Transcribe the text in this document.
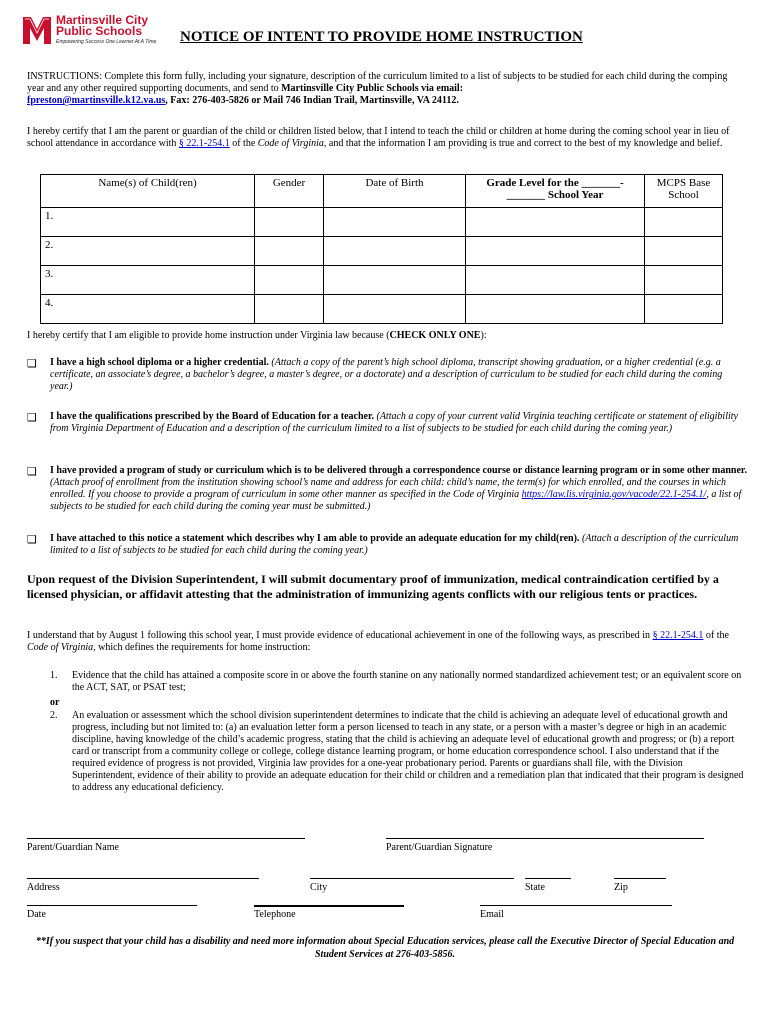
Martinsville City
Public Schools
Empowering Success One Learner At A Time NOTICE OF INTENT TO PROVIDE HOME INSTRUCTION
INSTRUCTIONS: Complete this form fully, including your signature, description of the curriculum limited to a list of subjects to be studied for each child during the comping year and any other required supporting documents, and send to Martinsville City Public Schools via email:
fpreston@martinsville.k12.va.us, Fax: 276-403-5826 or Mail 746 Indian Trail, Martinsville, VA 24112.
I hereby certify that I am the parent or guardian of the child or children listed below, that I intend to teach the child or children at home during the coming school year in lieu of school attendance in accordance with § 22.1-254.1 of the Code of Virginia, and that the information I am providing is true and correct to the best of my knowledge and belief.
Name(s) of Child(ren)	Gender	Date of Birth	Grade Level for the _______-_______ School Year	MCPS Base School
1.				
2.				
3.				
4.				
I hereby certify that I am eligible to provide home instruction under Virginia law because (CHECK ONLY ONE):
❑ I have a high school diploma or a higher credential. (Attach a copy of the parent’s high school diploma, transcript showing graduation, or a higher credential (e.g. a certificate, an associate’s degree, a bachelor’s degree, a master’s degree, or a doctorate) and a description of curriculum to be studied for each child during the coming year.)
❑ I have the qualifications prescribed by the Board of Education for a teacher. (Attach a copy of your current valid Virginia teaching certificate or statement of eligibility from Virginia Department of Education and a description of the curriculum limited to a list of subjects to be studied for each child during the coming year.)
❑ I have provided a program of study or curriculum which is to be delivered through a correspondence course or distance learning program or in some other manner. (Attach proof of enrollment from the institution showing school’s name and address for each child: child’s name, the term(s) for which enrolled, and the courses in which enrolled. If you choose to provide a program of curriculum in some other manner as specified in the Code of Virginia https://law.lis.virginia.gov/vacode/22.1-254.1/, a list of subjects to be studied for each child during the coming year must be submitted.)
❑ I have attached to this notice a statement which describes why I am able to provide an adequate education for my child(ren). (Attach a description of the curriculum limited to a list of subjects to be studied for each child during the coming year.)
Upon request of the Division Superintendent, I will submit documentary proof of immunization, medical contraindication certified by a licensed physician, or affidavit attesting that the administration of immunizing agents conflicts with our religious tents or practices.
I understand that by August 1 following this school year, I must provide evidence of educational achievement in one of the following ways, as prescribed in § 22.1-254.1 of the Code of Virginia, which defines the requirements for home instruction:
1. Evidence that the child has attained a composite score in or above the fourth stanine on any nationally normed standardized achievement test; or an equivalent score on the ACT, SAT, or PSAT test;
or
2. An evaluation or assessment which the school division superintendent determines to indicate that the child is achieving an adequate level of educational growth and progress, including but not limited to: (a) an evaluation letter form a person licensed to teach in any state, or a person with a master’s degree or high in an academic discipline, having knowledge of the child’s academic progress, stating that the child is achieving an adequate level of educational growth and progress; or (b) a report card or transcript from a community college or college, college distance learning program, or home education correspondence school. I also understand that if the required evidence of progress is not provided, Virginia law provides for a one-year probationary period. Parents or guardians shall file, with the Division Superintendent, evidence of their ability to provide an adequate education for their child or children and a remediation plan that indicated that their program is designed to address any educational deficiency.
Parent/Guardian Name	Parent/Guardian Signature
Address	City	State	Zip
Date	Telephone	Email
**If you suspect that your child has a disability and need more information about Special Education services, please call the Executive Director of Special Education and Student Services at 276-403-5856.
